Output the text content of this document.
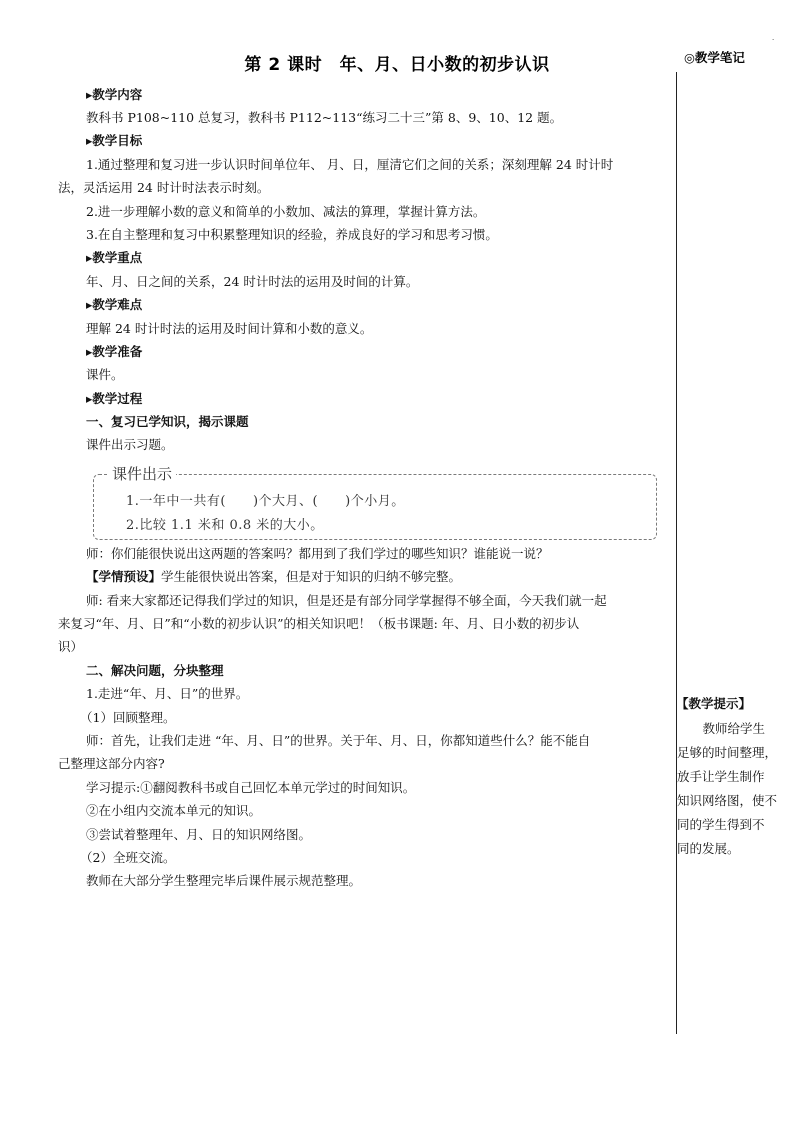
第 2 课时　年、月、日小数的初步认识	◎教学笔记
·
▸教学内容
教科书 P108~110 总复习，教科书 P112~113“练习二十三”第 8、9、10、12 题。
▸教学目标
1.通过整理和复习进一步认识时间单位年、 月、日，厘清它们之间的关系；深刻理解 24 时计时
法，灵活运用 24 时计时法表示时刻。
2.进一步理解小数的意义和简单的小数加、减法的算理，掌握计算方法。
3.在自主整理和复习中积累整理知识的经验，养成良好的学习和思考习惯。
▸教学重点
年、月、日之间的关系，24 时计时法的运用及时间的计算。
▸教学难点
理解 24 时计时法的运用及时间计算和小数的意义。
▸教学准备
课件。
▸教学过程
一、复习已学知识，揭示课题
课件出示习题。
课件出示
1.一年中一共有(　　)个大月、(　　)个小月。
2.比较 1.1 米和 0.8 米的大小。
师：你们能很快说出这两题的答案吗？都用到了我们学过的哪些知识？谁能说一说？
【学情预设】学生能很快说出答案，但是对于知识的归纳不够完整。
师: 看来大家都还记得我们学过的知识，但是还是有部分同学掌握得不够全面，今天我们就一起
来复习“年、月、日”和“小数的初步认识”的相关知识吧！（板书课题: 年、月、日小数的初步认
识）
二、解决问题，分块整理
1.走进“年、月、日”的世界。
（1）回顾整理。
师：首先，让我们走进 “年、月、日”的世界。关于年、月、日，你都知道些什么？能不能自
己整理这部分内容?
学习提示:①翻阅教科书或自己回忆本单元学过的时间知识。
②在小组内交流本单元的知识。
③尝试着整理年、月、日的知识网络图。
（2）全班交流。
教师在大部分学生整理完毕后课件展示规范整理。
【教学提示】
　教师给学生
足够的时间整理，
放手让学生制作
知识网络图，使不
同的学生得到不
同的发展。
